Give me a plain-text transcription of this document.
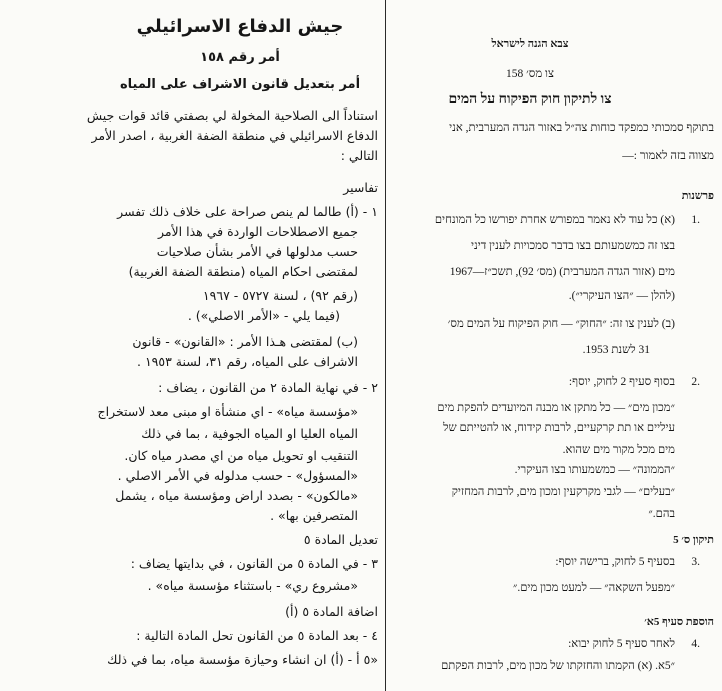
جيش الدفاع الاسرائيلي
أمر رقم ١٥٨
أمر بتعديل قانون الاشراف على المياه
استناداً الى الصلاحية المخولة لي بصفتي قائد قوات جيش
الدفاع الاسرائيلي في منطقة الضفة الغربية ، اصدر الأمر
التالي :
تفاسير
١ - (أ) طالما لم ينص صراحة على خلاف ذلك تفسر
جميع الاصطلاحات الواردة في هذا الأمر
حسب مدلولها في الأمر بشأن صلاحيات
لمقتضى احكام المياه (منطقة الضفة الغربية)
(رقم ٩٢) ، لسنة ٥٧٢٧ - ١٩٦٧
(فيما يلي - «الأمر الاصلي») .
(ب) لمقتضى هـذا الأمر : «القانون» - قانون
الاشراف على المياه، رقم ٣١، لسنة ١٩٥٣ .
٢ - في نهاية المادة ٢ من القانون ، يضاف :
«مؤسسة مياه» - اي منشأة او مبنى معد لاستخراج
المياه العليا او المياه الجوفية ، بما في ذلك
التنقيب او تحويل مياه من اي مصدر مياه كان.
«المسؤول» - حسب مدلوله في الأمر الاصلي .
«مالكون» - بصدد اراض ومؤسسة مياه ، يشمل
المتصرفين بها» .
تعديل المادة ٥
٣ - في المادة ٥ من القانون ، في بدايتها يضاف :
«مشروع ري» - باستثناء مؤسسة مياه» .
اضافة المادة ٥ (أ)
٤ - بعد المادة ٥ من القانون تحل المادة التالية :
«٥ أ - (أ) ان انشاء وحيازة مؤسسة مياه، بما في ذلك
צבא הגנה לישראל
צו מס׳ 158
צו לתיקון חוק הפיקוח על המים
בתוקף סמכותי כמפקד כוחות צה״ל באזור הגדה המערבית, אני
מצווה בזה לאמור :—
פרשנות
1.
(א) כל עוד לא נאמר במפורש אחרת יפורשו כל המונחים
בצו זה כמשמעותם בצו בדבר סמכויות לענין דיני
מים (אזור הגדה המערבית) (מס׳ 92), תשכ״ז—1967
(להלן — ״הצו העיקרי״).
(ב) לענין צו זה: ״החוק״ — חוק הפיקוח על המים מס׳
31 לשנת 1953.
2.
בסוף סעיף 2 לחוק, יוסף:
״מכון מים״ — כל מתקן או מבנה המיועדים להפקת מים
עיליים או תת קרקעיים, לרבות קידוח, או להטייתם של
מים מכל מקור מים שהוא.
״הממונה״ — כמשמעותו בצו העיקרי.
״בעלים״ — לגבי מקרקעין ומכון מים, לרבות המחזיק
בהם.״
תיקון ס׳ 5
3.
בסעיף 5 לחוק, ברישה יוסף:
״מפעל השקאה״ — למעט מכון מים.״
הוספת סעיף 5א׳
4.
לאחר סעיף 5 לחוק יבוא:
״5א. (א) הקמתו והחזקתו של מכון מים, לרבות הפקתם
